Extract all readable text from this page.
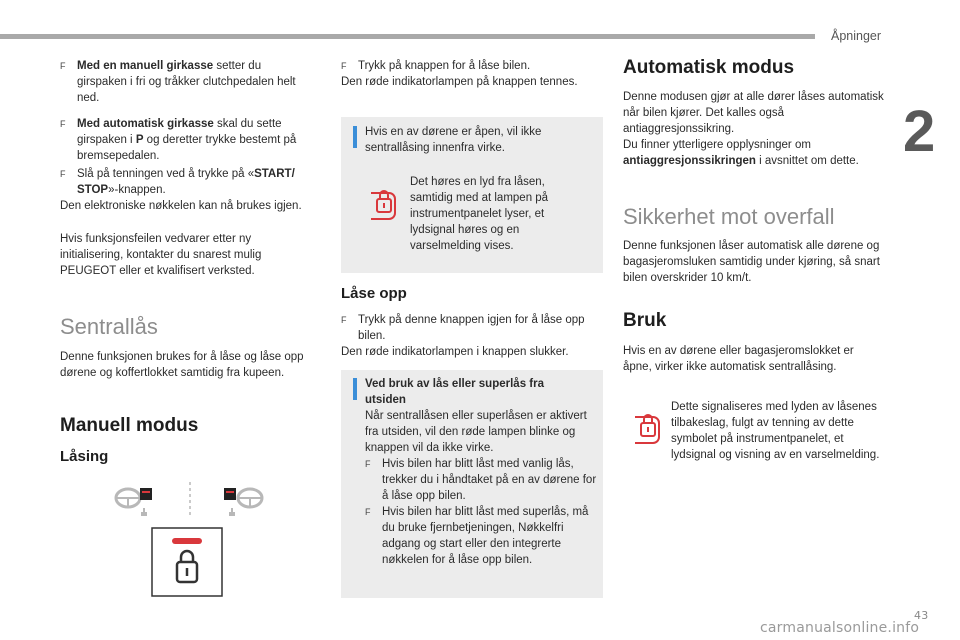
Åpninger
2
F Med en manuell girkasse setter du girspaken i fri og tråkker clutchpedalen helt ned.
F Med automatisk girkasse skal du sette girspaken i P og deretter trykke bestemt på bremsepedalen.
F Slå på tenningen ved å trykke på «START/ STOP»-knappen.
Den elektroniske nøkkelen kan nå brukes igjen.
Hvis funksjonsfeilen vedvarer etter ny initialisering, kontakter du snarest mulig PEUGEOT eller et kvalifisert verksted.
Sentrallås
Denne funksjonen brukes for å låse og låse opp dørene og koffertlokket samtidig fra kupeen.
Manuell modus
Låsing
F Trykk på knappen for å låse bilen.
Den røde indikatorlampen på knappen tennes.
Hvis en av dørene er åpen, vil ikke sentrallåsing innenfra virke.
Det høres en lyd fra låsen, samtidig med at lampen på instrumentpanelet lyser, et lydsignal høres og en varselmelding vises.
Låse opp
F Trykk på denne knappen igjen for å låse opp bilen.
Den røde indikatorlampen i knappen slukker.
Ved bruk av lås eller superlås fra utsiden
Når sentrallåsen eller superlåsen er aktivert fra utsiden, vil den røde lampen blinke og knappen vil da ikke virke.
F Hvis bilen har blitt låst med vanlig lås, trekker du i håndtaket på en av dørene for å låse opp bilen.
F Hvis bilen har blitt låst med superlås, må du bruke fjernbetjeningen, Nøkkelfri adgang og start eller den integrerte nøkkelen for å låse opp bilen.
Automatisk modus
Denne modusen gjør at alle dører låses automatisk når bilen kjører. Det kalles også antiaggresjonssikring.
Du finner ytterligere opplysninger om antiaggresjonssikringen i avsnittet om dette.
Sikkerhet mot overfall
Denne funksjonen låser automatisk alle dørene og bagasjeromsluken samtidig under kjøring, så snart bilen overskrider 10 km/t.
Bruk
Hvis en av dørene eller bagasjeromslokket er åpne, virker ikke automatisk sentrallåsing.
Dette signaliseres med lyden av låsenes tilbakeslag, fulgt av tenning av dette symbolet på instrumentpanelet, et lydsignal og visning av en varselmelding.
carmanualsonline.info
43
